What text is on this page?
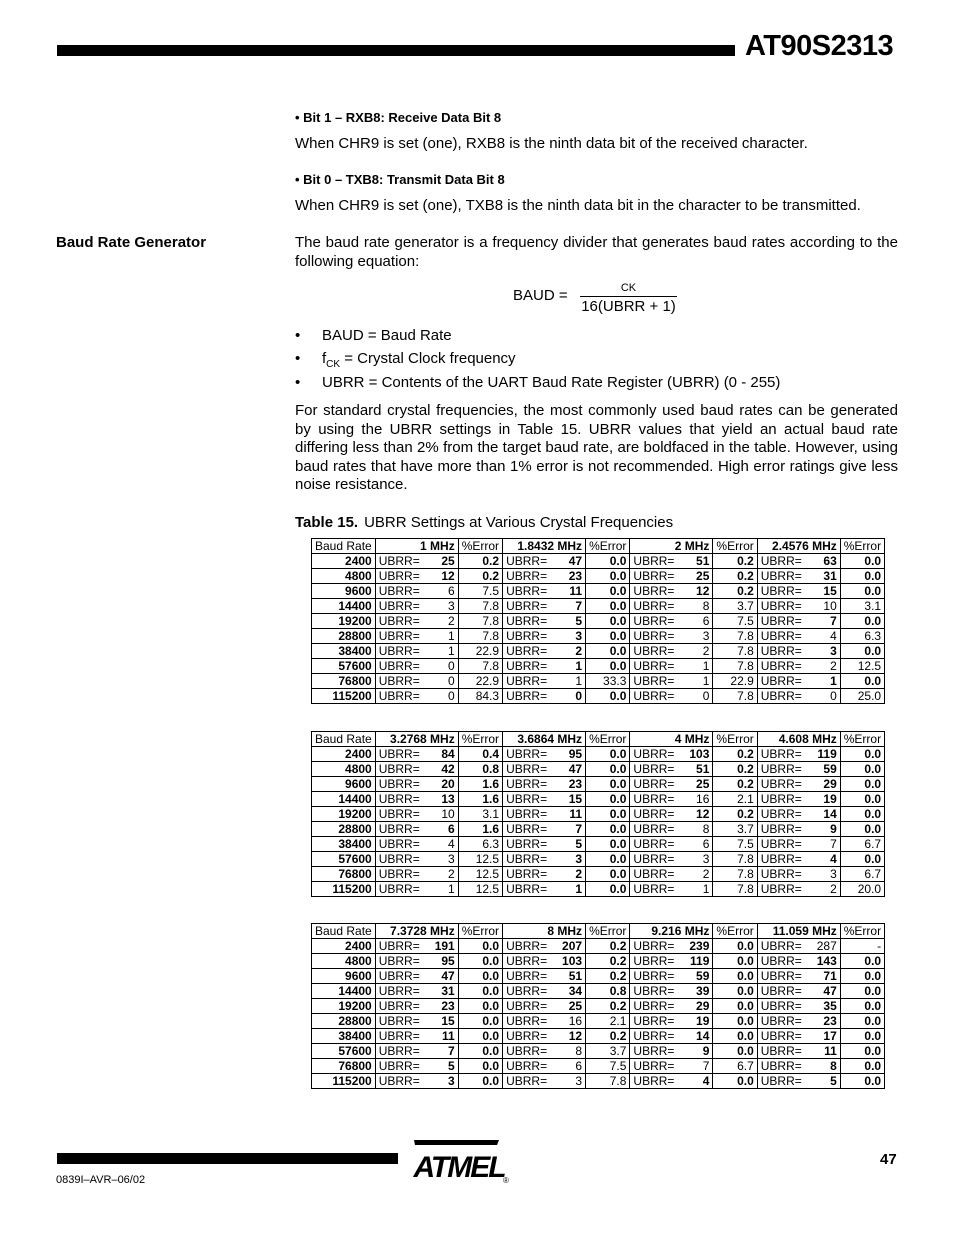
AT90S2313
• Bit 1 – RXB8: Receive Data Bit 8
When CHR9 is set (one), RXB8 is the ninth data bit of the received character.
• Bit 0 – TXB8: Transmit Data Bit 8
When CHR9 is set (one), TXB8 is the ninth data bit in the character to be transmitted.
Baud Rate Generator	The baud rate generator is a frequency divider that generates baud rates according to the following equation:
BAUD =	CK
16(UBRR + 1)
• BAUD = Baud Rate
• $f_{CK}$ = Crystal Clock frequency
• UBRR = Contents of the UART Baud Rate Register (UBRR) (0 - 255)
For standard crystal frequencies, the most commonly used baud rates can be generated by using the UBRR settings in Table 15. UBRR values that yield an actual baud rate differing less than 2% from the target baud rate, are boldfaced in the table. However, using baud rates that have more than 1% error is not recommended. High error ratings give less noise resistance.
Table 15. UBRR Settings at Various Crystal Frequencies
Baud Rate	1 MHz		%Error	1.8432 MHz		%Error	2 MHz		%Error	2.4576 MHz		%Error
2400	UBRR=	25	0.2	UBRR=	47	0.0	UBRR=	51	0.2	UBRR=	63	0.0
4800	UBRR=	12	0.2	UBRR=	23	0.0	UBRR=	25	0.2	UBRR=	31	0.0
9600	UBRR=	6	7.5	UBRR=	11	0.0	UBRR=	12	0.2	UBRR=	15	0.0
14400	UBRR=	3	7.8	UBRR=	7	0.0	UBRR=	8	3.7	UBRR=	10	3.1
19200	UBRR=	2	7.8	UBRR=	5	0.0	UBRR=	6	7.5	UBRR=	7	0.0
28800	UBRR=	1	7.8	UBRR=	3	0.0	UBRR=	3	7.8	UBRR=	4	6.3
38400	UBRR=	1	22.9	UBRR=	2	0.0	UBRR=	2	7.8	UBRR=	3	0.0
57600	UBRR=	0	7.8	UBRR=	1	0.0	UBRR=	1	7.8	UBRR=	2	12.5
76800	UBRR=	0	22.9	UBRR=	1	33.3	UBRR=	1	22.9	UBRR=	1	0.0
115200	UBRR=	0	84.3	UBRR=	0	0.0	UBRR=	0	7.8	UBRR=	0	25.0
Baud Rate	3.2768 MHz		%Error	3.6864 MHz		%Error	4 MHz		%Error	4.608 MHz		%Error
2400	UBRR=	84	0.4	UBRR=	95	0.0	UBRR=	103	0.2	UBRR=	119	0.0
4800	UBRR=	42	0.8	UBRR=	47	0.0	UBRR=	51	0.2	UBRR=	59	0.0
9600	UBRR=	20	1.6	UBRR=	23	0.0	UBRR=	25	0.2	UBRR=	29	0.0
14400	UBRR=	13	1.6	UBRR=	15	0.0	UBRR=	16	2.1	UBRR=	19	0.0
19200	UBRR=	10	3.1	UBRR=	11	0.0	UBRR=	12	0.2	UBRR=	14	0.0
28800	UBRR=	6	1.6	UBRR=	7	0.0	UBRR=	8	3.7	UBRR=	9	0.0
38400	UBRR=	4	6.3	UBRR=	5	0.0	UBRR=	6	7.5	UBRR=	7	6.7
57600	UBRR=	3	12.5	UBRR=	3	0.0	UBRR=	3	7.8	UBRR=	4	0.0
76800	UBRR=	2	12.5	UBRR=	2	0.0	UBRR=	2	7.8	UBRR=	3	6.7
115200	UBRR=	1	12.5	UBRR=	1	0.0	UBRR=	1	7.8	UBRR=	2	20.0
Baud Rate	7.3728 MHz		%Error	8 MHz		%Error	9.216 MHz		%Error	11.059 MHz		%Error
2400	UBRR=	191	0.0	UBRR=	207	0.2	UBRR=	239	0.0	UBRR=	287	-
4800	UBRR=	95	0.0	UBRR=	103	0.2	UBRR=	119	0.0	UBRR=	143	0.0
9600	UBRR=	47	0.0	UBRR=	51	0.2	UBRR=	59	0.0	UBRR=	71	0.0
14400	UBRR=	31	0.0	UBRR=	34	0.8	UBRR=	39	0.0	UBRR=	47	0.0
19200	UBRR=	23	0.0	UBRR=	25	0.2	UBRR=	29	0.0	UBRR=	35	0.0
28800	UBRR=	15	0.0	UBRR=	16	2.1	UBRR=	19	0.0	UBRR=	23	0.0
38400	UBRR=	11	0.0	UBRR=	12	0.2	UBRR=	14	0.0	UBRR=	17	0.0
57600	UBRR=	7	0.0	UBRR=	8	3.7	UBRR=	9	0.0	UBRR=	11	0.0
76800	UBRR=	5	0.0	UBRR=	6	7.5	UBRR=	7	6.7	UBRR=	8	0.0
115200	UBRR=	3	0.0	UBRR=	3	7.8	UBRR=	4	0.0	UBRR=	5	0.0
ATMEL
®
47
0839I–AVR–06/02
